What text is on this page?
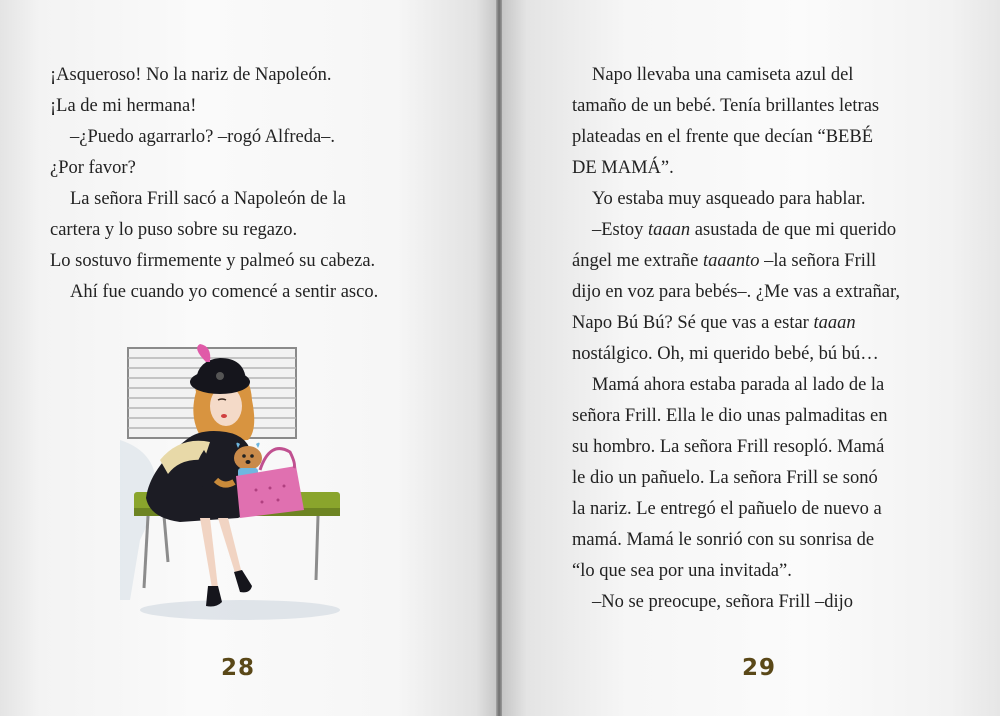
¡Asqueroso! No la nariz de Napoleón.
¡La de mi hermana!
–¿Puedo agarrarlo? –rogó Alfreda–.
¿Por favor?
La señora Frill sacó a Napoleón de la
cartera y lo puso sobre su regazo.
Lo sostuvo firmemente y palmeó su cabeza.
Ahí fue cuando yo comencé a sentir asco.

28

Napo llevaba una camiseta azul del
tamaño de un bebé. Tenía brillantes letras
plateadas en el frente que decían “BEBÉ
DE MAMÁ”.
Yo estaba muy asqueado para hablar.
–Estoy taaan asustada de que mi querido
ángel me extrañe taaanto –la señora Frill
dijo en voz para bebés–. ¿Me vas a extrañar,
Napo Bú Bú? Sé que vas a estar taaan
nostálgico. Oh, mi querido bebé, bú bú…
Mamá ahora estaba parada al lado de la
señora Frill. Ella le dio unas palmaditas en
su hombro. La señora Frill resopló. Mamá
le dio un pañuelo. La señora Frill se sonó
la nariz. Le entregó el pañuelo de nuevo a
mamá. Mamá le sonrió con su sonrisa de
“lo que sea por una invitada”.
–No se preocupe, señora Frill –dijo

29
